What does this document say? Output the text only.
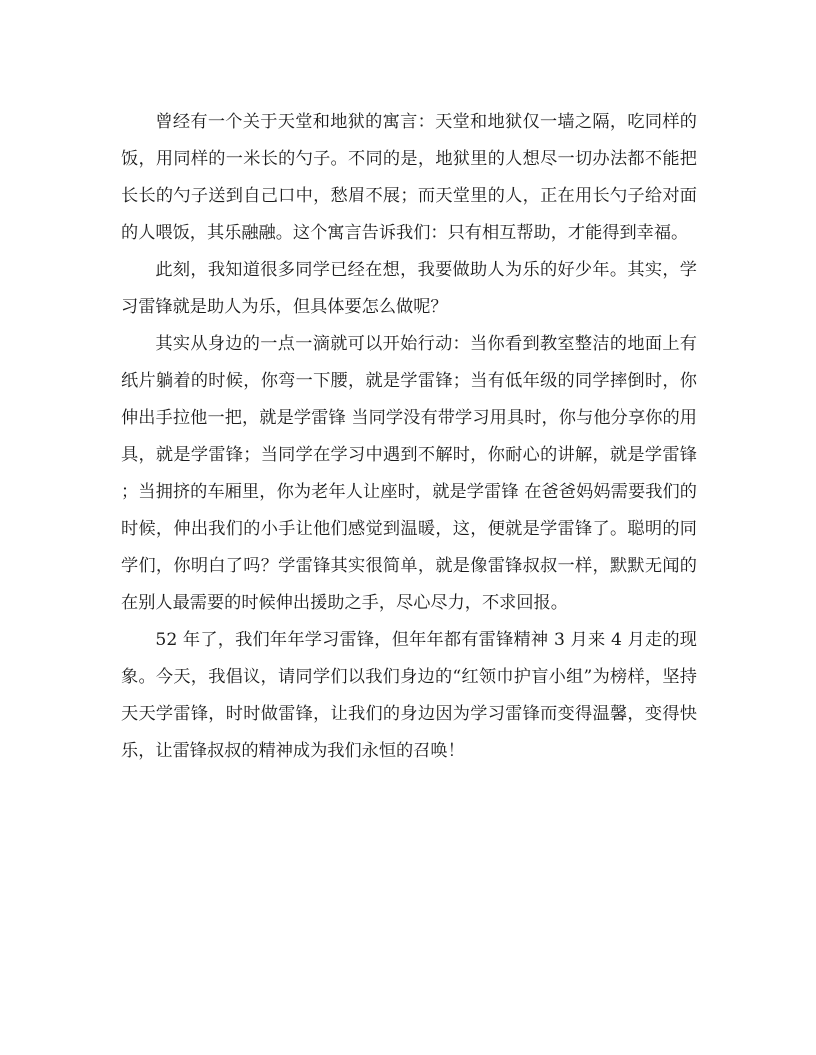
曾经有一个关于天堂和地狱的寓言：天堂和地狱仅一墙之隔，吃同样的饭，用同样的一米长的勺子。不同的是，地狱里的人想尽一切办法都不能把长长的勺子送到自己口中，愁眉不展；而天堂里的人，正在用长勺子给对面的人喂饭，其乐融融。这个寓言告诉我们：只有相互帮助，才能得到幸福。

此刻，我知道很多同学已经在想，我要做助人为乐的好少年。其实，学习雷锋就是助人为乐，但具体要怎么做呢？

其实从身边的一点一滴就可以开始行动：当你看到教室整洁的地面上有纸片躺着的时候，你弯一下腰，就是学雷锋；当有低年级的同学摔倒时，你伸出手拉他一把，就是学雷锋 当同学没有带学习用具时，你与他分享你的用具，就是学雷锋；当同学在学习中遇到不解时，你耐心的讲解，就是学雷锋；当拥挤的车厢里，你为老年人让座时，就是学雷锋 在爸爸妈妈需要我们的时候，伸出我们的小手让他们感觉到温暖，这，便就是学雷锋了。聪明的同学们，你明白了吗？学雷锋其实很简单，就是像雷锋叔叔一样，默默无闻的在别人最需要的时候伸出援助之手，尽心尽力，不求回报。

52 年了，我们年年学习雷锋，但年年都有雷锋精神 3 月来 4 月走的现象。今天，我倡议，请同学们以我们身边的“红领巾护盲小组”为榜样，坚持天天学雷锋，时时做雷锋，让我们的身边因为学习雷锋而变得温馨，变得快乐，让雷锋叔叔的精神成为我们永恒的召唤！
